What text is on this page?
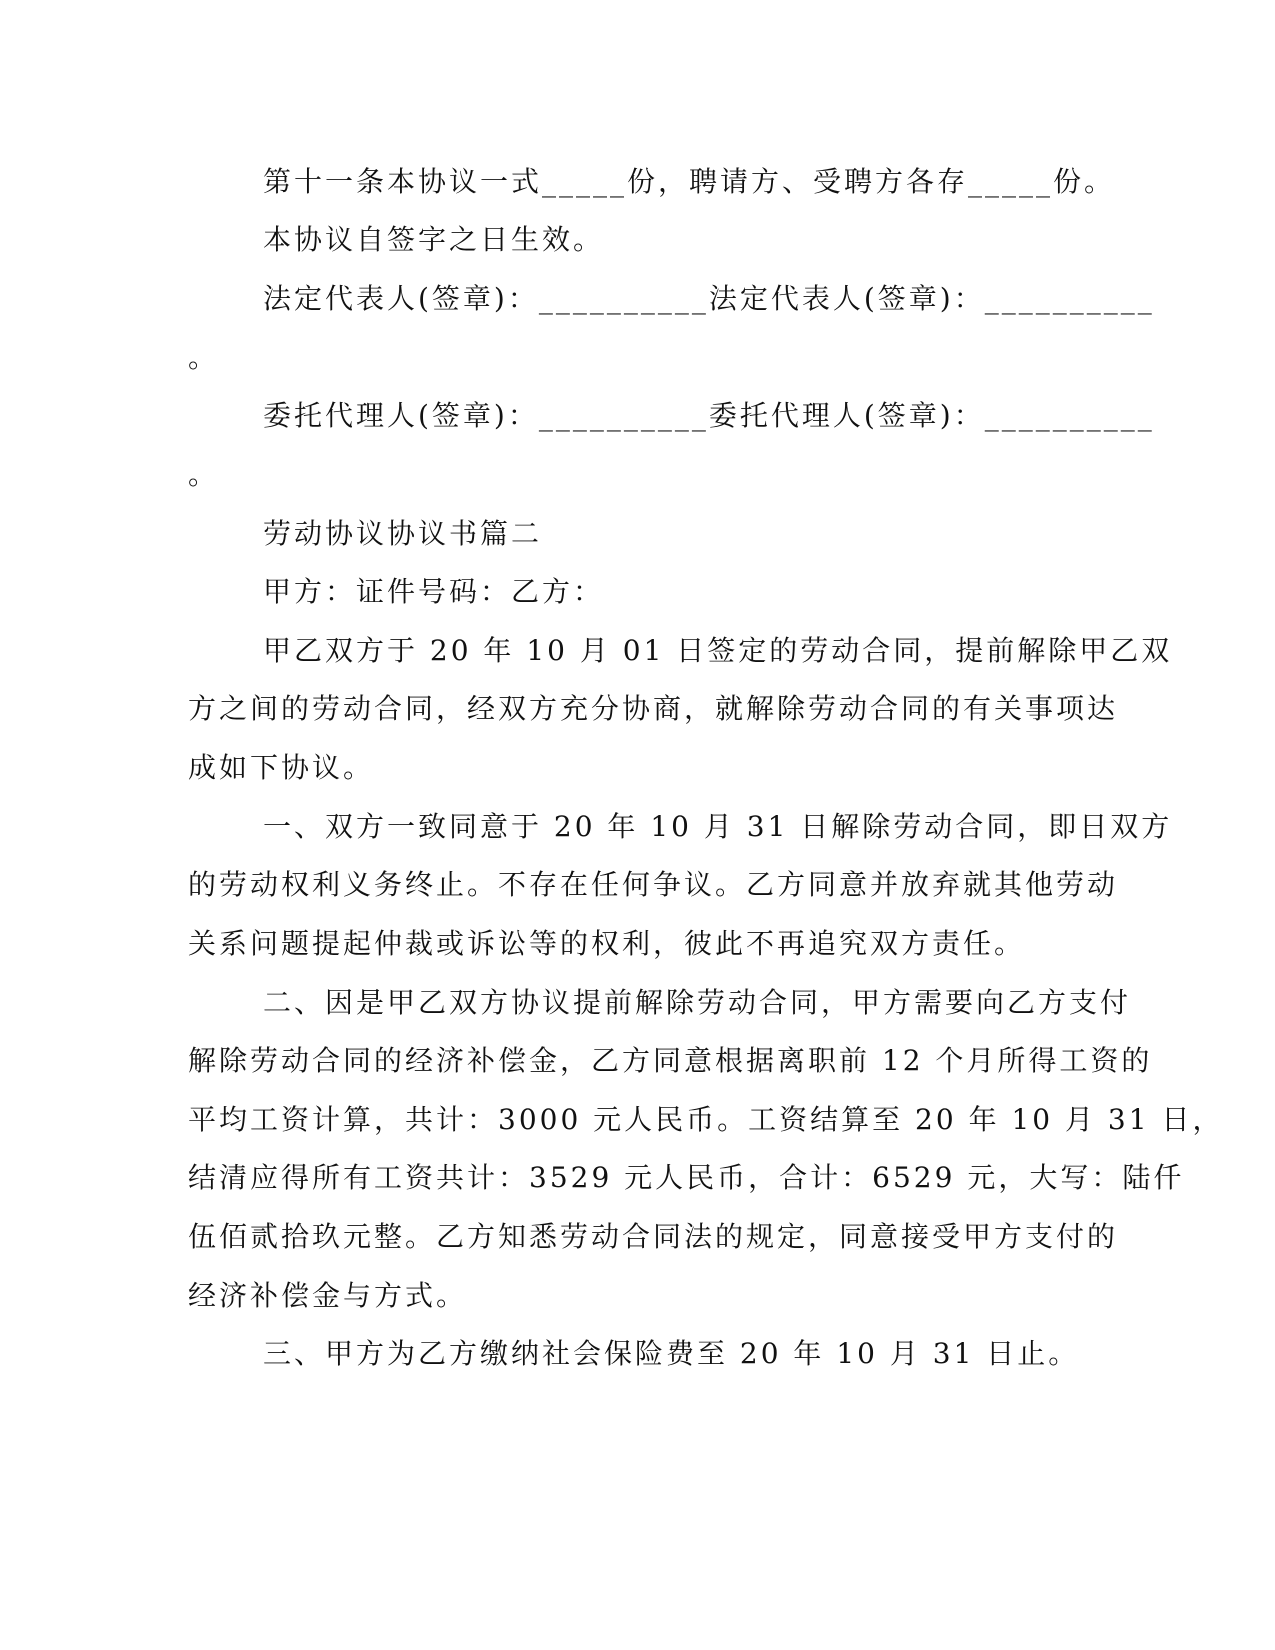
第十一条本协议一式_____份，聘请方、受聘方各存_____份。
本协议自签字之日生效。
法定代表人(签章)：__________法定代表人(签章)：__________
。
委托代理人(签章)：__________委托代理人(签章)：__________
。
劳动协议协议书篇二
甲方：证件号码：乙方：
甲乙双方于 20 年 10 月 01 日签定的劳动合同，提前解除甲乙双
方之间的劳动合同，经双方充分协商，就解除劳动合同的有关事项达
成如下协议。
一、双方一致同意于 20 年 10 月 31 日解除劳动合同，即日双方
的劳动权利义务终止。不存在任何争议。乙方同意并放弃就其他劳动
关系问题提起仲裁或诉讼等的权利，彼此不再追究双方责任。
二、因是甲乙双方协议提前解除劳动合同，甲方需要向乙方支付
解除劳动合同的经济补偿金，乙方同意根据离职前 12 个月所得工资的
平均工资计算，共计：3000 元人民币。工资结算至 20 年 10 月 31 日，
结清应得所有工资共计：3529 元人民币，合计：6529 元，大写：陆仟
伍佰贰拾玖元整。乙方知悉劳动合同法的规定，同意接受甲方支付的
经济补偿金与方式。
三、甲方为乙方缴纳社会保险费至 20 年 10 月 31 日止。
